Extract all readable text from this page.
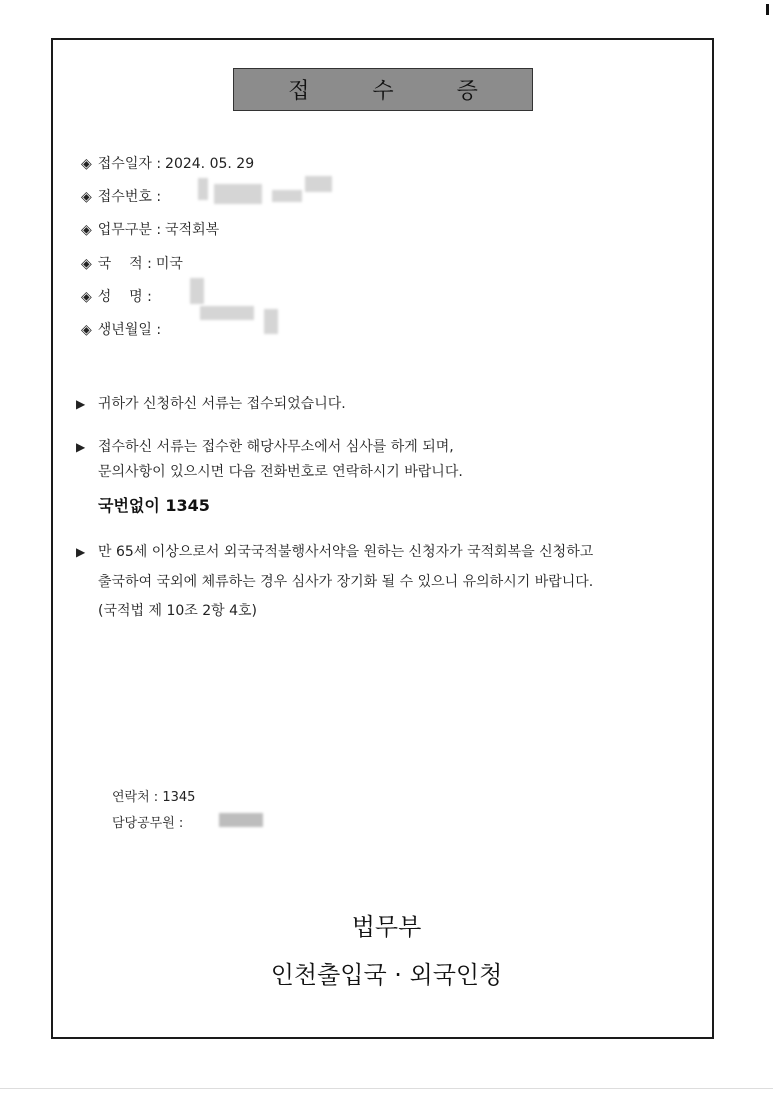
접 수 증
◈ 접수일자 : 2024. 05. 29
◈ 접수번호 :
◈ 업무구분 : 국적회복
◈ 국    적 : 미국
◈ 성    명 :
◈ 생년월일 :
▶ 귀하가 신청하신 서류는 접수되었습니다.
▶ 접수하신 서류는 접수한 해당사무소에서 심사를 하게 되며,
문의사항이 있으시면 다음 전화번호로 연락하시기 바랍니다.
국번없이 1345
▶ 만 65세 이상으로서 외국국적불행사서약을 원하는 신청자가 국적회복을 신청하고
출국하여 국외에 체류하는 경우 심사가 장기화 될 수 있으니 유의하시기 바랍니다.
(국적법 제 10조 2항 4호)
연락처 : 1345
담당공무원 :
법무부
인천출입국 · 외국인청
